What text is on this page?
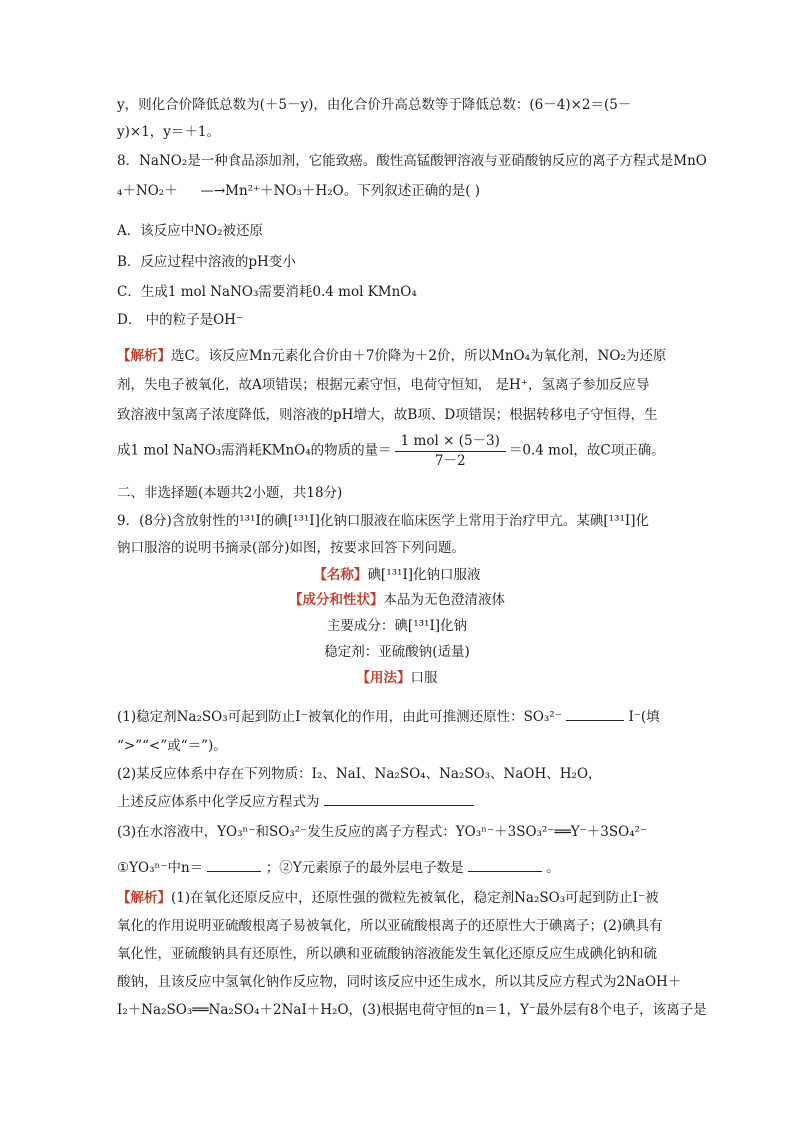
y，则化合价降低总数为(＋5－y)，由化合价升高总数等于降低总数：(6－4)×2＝(5－
y)×1，y＝＋1。
8．NaNO₂是一种食品添加剂，它能致癌。酸性高锰酸钾溶液与亚硝酸钠反应的离子方程式是MnO
₄＋NO₂＋ —→Mn²⁺＋NO₃＋H₂O。下列叙述正确的是( )
A．该反应中NO₂被还原
B．反应过程中溶液的pH变小
C．生成1 mol NaNO₃需要消耗0.4 mol KMnO₄
D． 中的粒子是OH⁻
【解析】选C。该反应Mn元素化合价由＋7价降为＋2价，所以MnO₄为氧化剂，NO₂为还原
剂，失电子被氧化，故A项错误；根据元素守恒，电荷守恒知， 是H⁺，氢离子参加反应导
致溶液中氢离子浓度降低，则溶液的pH增大，故B项、D项错误；根据转移电子守恒得，生
成1 mol NaNO₃需消耗KMnO₄的物质的量＝ $\frac{\text{1 mol × (5－3)}}{7-2} =0.4$ mol，故C项正确。
二、非选择题(本题共2小题，共18分)
9．(8分)含放射性的¹³¹I的碘[¹³¹I]化钠口服液在临床医学上常用于治疗甲亢。某碘[¹³¹I]化
钠口服溶的说明书摘录(部分)如图，按要求回答下列问题。
【名称】碘[¹³¹I]化钠口服液
【成分和性状】本品为无色澄清液体
主要成分：碘[¹³¹I]化钠
稳定剂：亚硫酸钠(适量)
【用法】口服
(1)稳定剂Na₂SO₃可起到防止I⁻被氧化的作用，由此可推测还原性：SO₃²⁻	I⁻(填
“>”“<”或“＝”)。
(2)某反应体系中存在下列物质：I₂、NaI、Na₂SO₄、Na₂SO₃、NaOH、H₂O，
上述反应体系中化学反应方程式为
(3)在水溶液中，YO₃ⁿ⁻和SO₃²⁻发生反应的离子方程式：YO₃ⁿ⁻＋3SO₃²⁻══Y⁻＋3SO₄²⁻
①YO₃ⁿ⁻中n＝	；②Y元素原子的最外层电子数是	。
【解析】(1)在氧化还原反应中，还原性强的微粒先被氧化，稳定剂Na₂SO₃可起到防止I⁻被
氧化的作用说明亚硫酸根离子易被氧化，所以亚硫酸根离子的还原性大于碘离子；(2)碘具有
氧化性，亚硫酸钠具有还原性，所以碘和亚硫酸钠溶液能发生氧化还原反应生成碘化钠和硫
酸钠，且该反应中氢氧化钠作反应物，同时该反应中还生成水，所以其反应方程式为2NaOH＋
I₂＋Na₂SO₃══Na₂SO₄＋2NaI＋H₂O，(3)根据电荷守恒的n＝1，Y⁻最外层有8个电子，该离子是
